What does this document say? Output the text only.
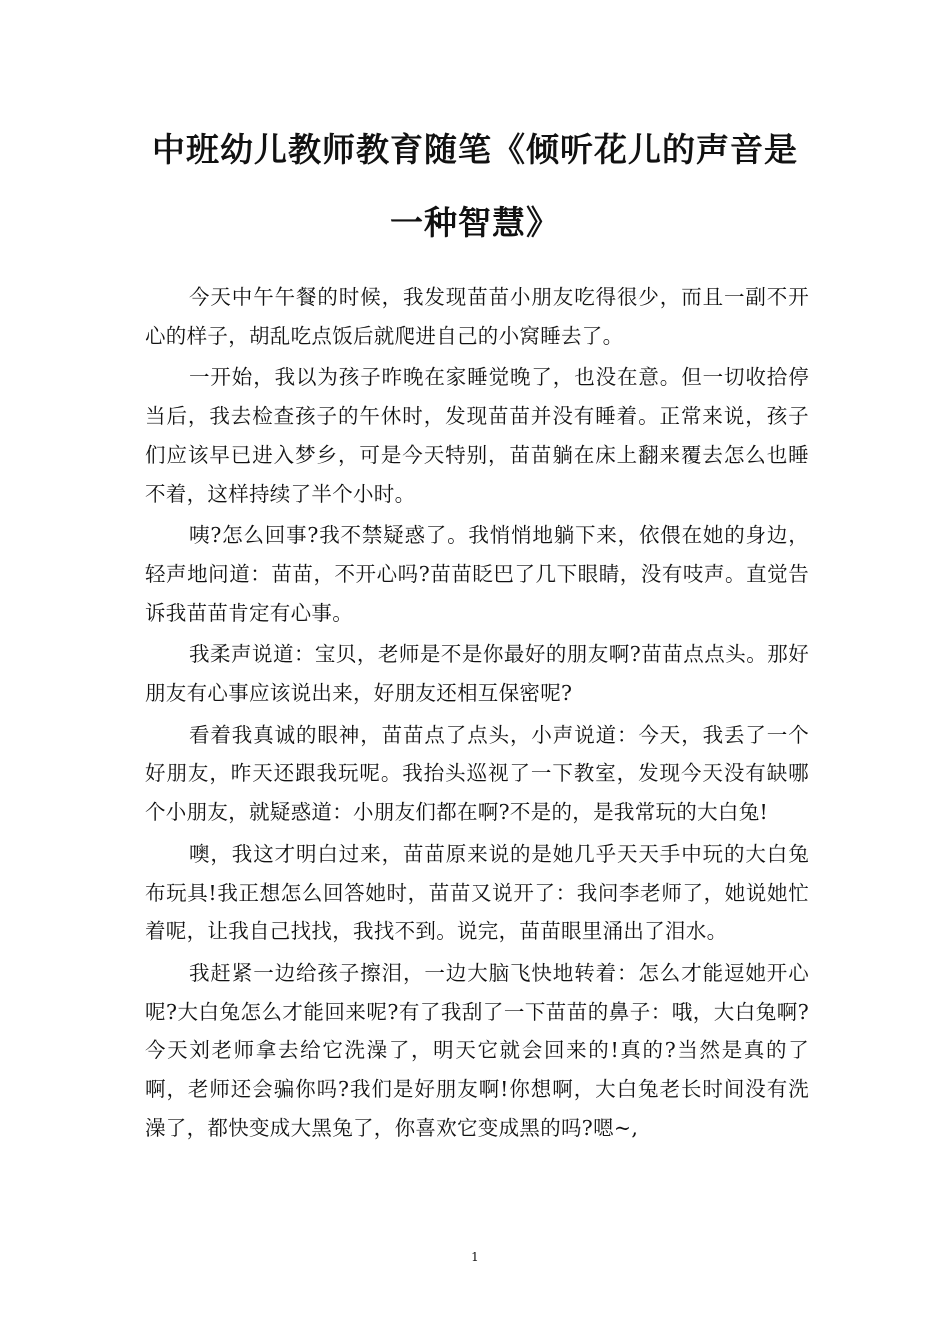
中班幼儿教师教育随笔《倾听花儿的声音是
一种智慧》

今天中午午餐的时候，我发现苗苗小朋友吃得很少，而且一副不开心的样子，胡乱吃点饭后就爬进自己的小窝睡去了。

一开始，我以为孩子昨晚在家睡觉晚了，也没在意。但一切收拾停当后，我去检查孩子的午休时，发现苗苗并没有睡着。正常来说，孩子们应该早已进入梦乡，可是今天特别，苗苗躺在床上翻来覆去怎么也睡不着，这样持续了半个小时。

咦?怎么回事?我不禁疑惑了。我悄悄地躺下来，依偎在她的身边，轻声地问道：苗苗，不开心吗?苗苗眨巴了几下眼睛，没有吱声。直觉告诉我苗苗肯定有心事。

我柔声说道：宝贝，老师是不是你最好的朋友啊?苗苗点点头。那好朋友有心事应该说出来，好朋友还相互保密呢?

看着我真诚的眼神，苗苗点了点头，小声说道：今天，我丢了一个好朋友，昨天还跟我玩呢。我抬头巡视了一下教室，发现今天没有缺哪个小朋友，就疑惑道：小朋友们都在啊?不是的，是我常玩的大白兔!

噢，我这才明白过来，苗苗原来说的是她几乎天天手中玩的大白兔布玩具!我正想怎么回答她时，苗苗又说开了：我问李老师了，她说她忙着呢，让我自己找找，我找不到。说完，苗苗眼里涌出了泪水。

我赶紧一边给孩子擦泪，一边大脑飞快地转着：怎么才能逗她开心呢?大白兔怎么才能回来呢?有了我刮了一下苗苗的鼻子：哦，大白兔啊?今天刘老师拿去给它洗澡了，明天它就会回来的!真的?当然是真的了啊，老师还会骗你吗?我们是好朋友啊!你想啊，大白兔老长时间没有洗澡了，都快变成大黑兔了，你喜欢它变成黑的吗?嗯~,

1
